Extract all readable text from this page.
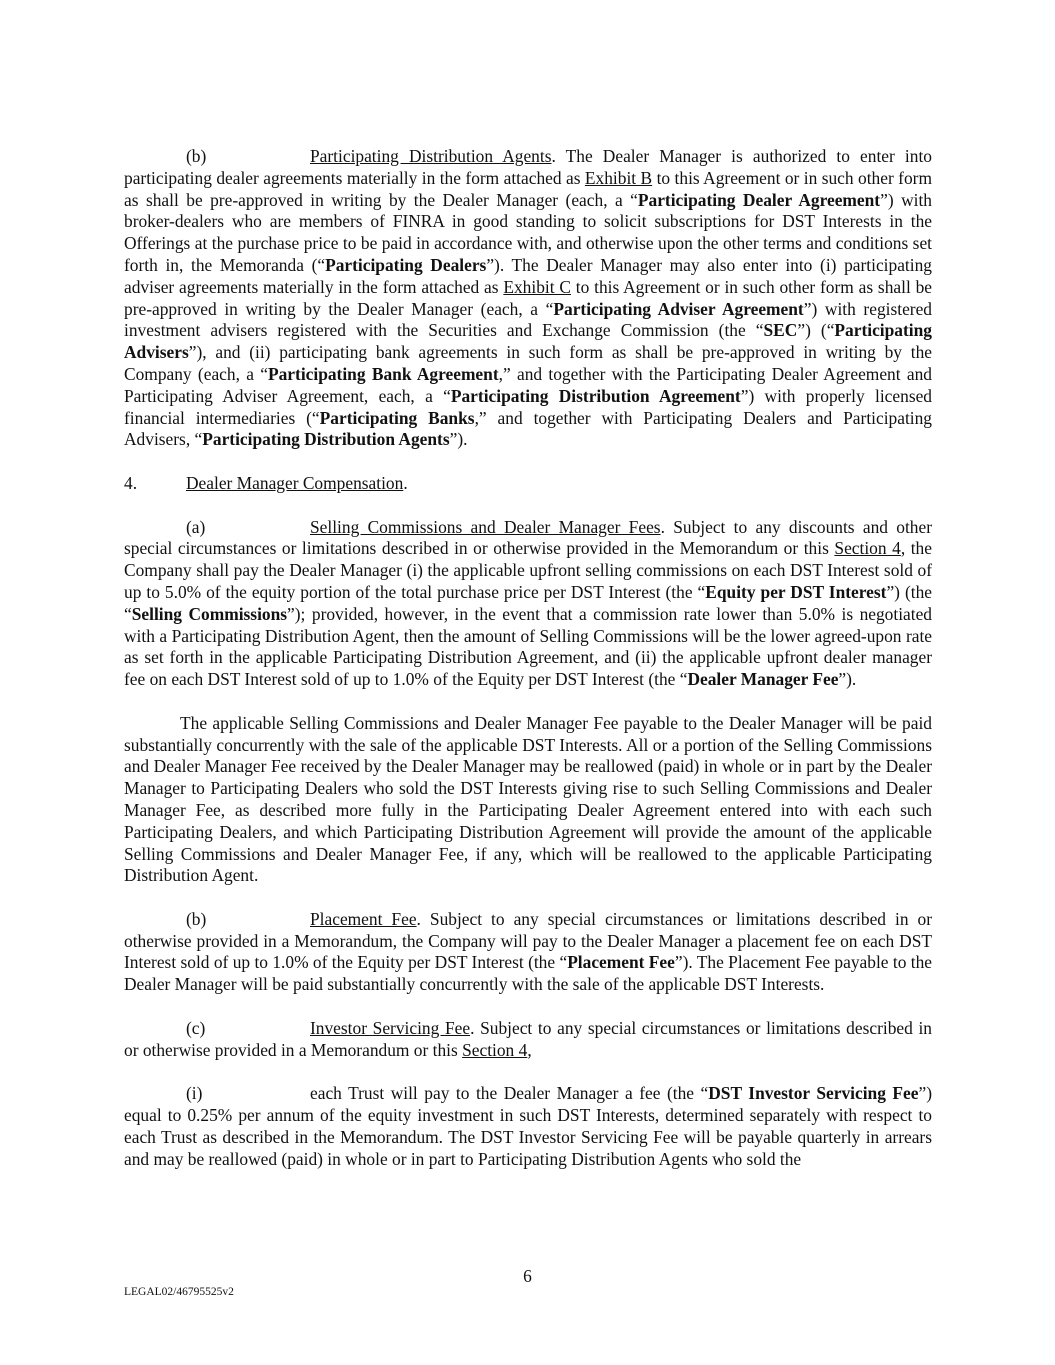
(b)	Participating Distribution Agents. The Dealer Manager is authorized to enter into participating dealer agreements materially in the form attached as Exhibit B to this Agreement or in such other form as shall be pre-approved in writing by the Dealer Manager (each, a “Participating Dealer Agreement”) with broker-dealers who are members of FINRA in good standing to solicit subscriptions for DST Interests in the Offerings at the purchase price to be paid in accordance with, and otherwise upon the other terms and conditions set forth in, the Memoranda (“Participating Dealers”). The Dealer Manager may also enter into (i) participating adviser agreements materially in the form attached as Exhibit C to this Agreement or in such other form as shall be pre-approved in writing by the Dealer Manager (each, a “Participating Adviser Agreement”) with registered investment advisers registered with the Securities and Exchange Commission (the “SEC”) (“Participating Advisers”), and (ii) participating bank agreements in such form as shall be pre-approved in writing by the Company (each, a “Participating Bank Agreement,” and together with the Participating Dealer Agreement and Participating Adviser Agreement, each, a “Participating Distribution Agreement”) with properly licensed financial intermediaries (“Participating Banks,” and together with Participating Dealers and Participating Advisers, “Participating Distribution Agents”).

4.	Dealer Manager Compensation.

(a)	Selling Commissions and Dealer Manager Fees. Subject to any discounts and other special circumstances or limitations described in or otherwise provided in the Memorandum or this Section 4, the Company shall pay the Dealer Manager (i) the applicable upfront selling commissions on each DST Interest sold of up to 5.0% of the equity portion of the total purchase price per DST Interest (the “Equity per DST Interest”) (the “Selling Commissions”); provided, however, in the event that a commission rate lower than 5.0% is negotiated with a Participating Distribution Agent, then the amount of Selling Commissions will be the lower agreed-upon rate as set forth in the applicable Participating Distribution Agreement, and (ii) the applicable upfront dealer manager fee on each DST Interest sold of up to 1.0% of the Equity per DST Interest (the “Dealer Manager Fee”).

The applicable Selling Commissions and Dealer Manager Fee payable to the Dealer Manager will be paid substantially concurrently with the sale of the applicable DST Interests. All or a portion of the Selling Commissions and Dealer Manager Fee received by the Dealer Manager may be reallowed (paid) in whole or in part by the Dealer Manager to Participating Dealers who sold the DST Interests giving rise to such Selling Commissions and Dealer Manager Fee, as described more fully in the Participating Dealer Agreement entered into with each such Participating Dealers, and which Participating Distribution Agreement will provide the amount of the applicable Selling Commissions and Dealer Manager Fee, if any, which will be reallowed to the applicable Participating Distribution Agent.

(b)	Placement Fee. Subject to any special circumstances or limitations described in or otherwise provided in a Memorandum, the Company will pay to the Dealer Manager a placement fee on each DST Interest sold of up to 1.0% of the Equity per DST Interest (the “Placement Fee”). The Placement Fee payable to the Dealer Manager will be paid substantially concurrently with the sale of the applicable DST Interests.

(c)	Investor Servicing Fee. Subject to any special circumstances or limitations described in or otherwise provided in a Memorandum or this Section 4,

(i)	each Trust will pay to the Dealer Manager a fee (the “DST Investor Servicing Fee”) equal to 0.25% per annum of the equity investment in such DST Interests, determined separately with respect to each Trust as described in the Memorandum. The DST Investor Servicing Fee will be payable quarterly in arrears and may be reallowed (paid) in whole or in part to Participating Distribution Agents who sold the

6
LEGAL02/46795525v2
